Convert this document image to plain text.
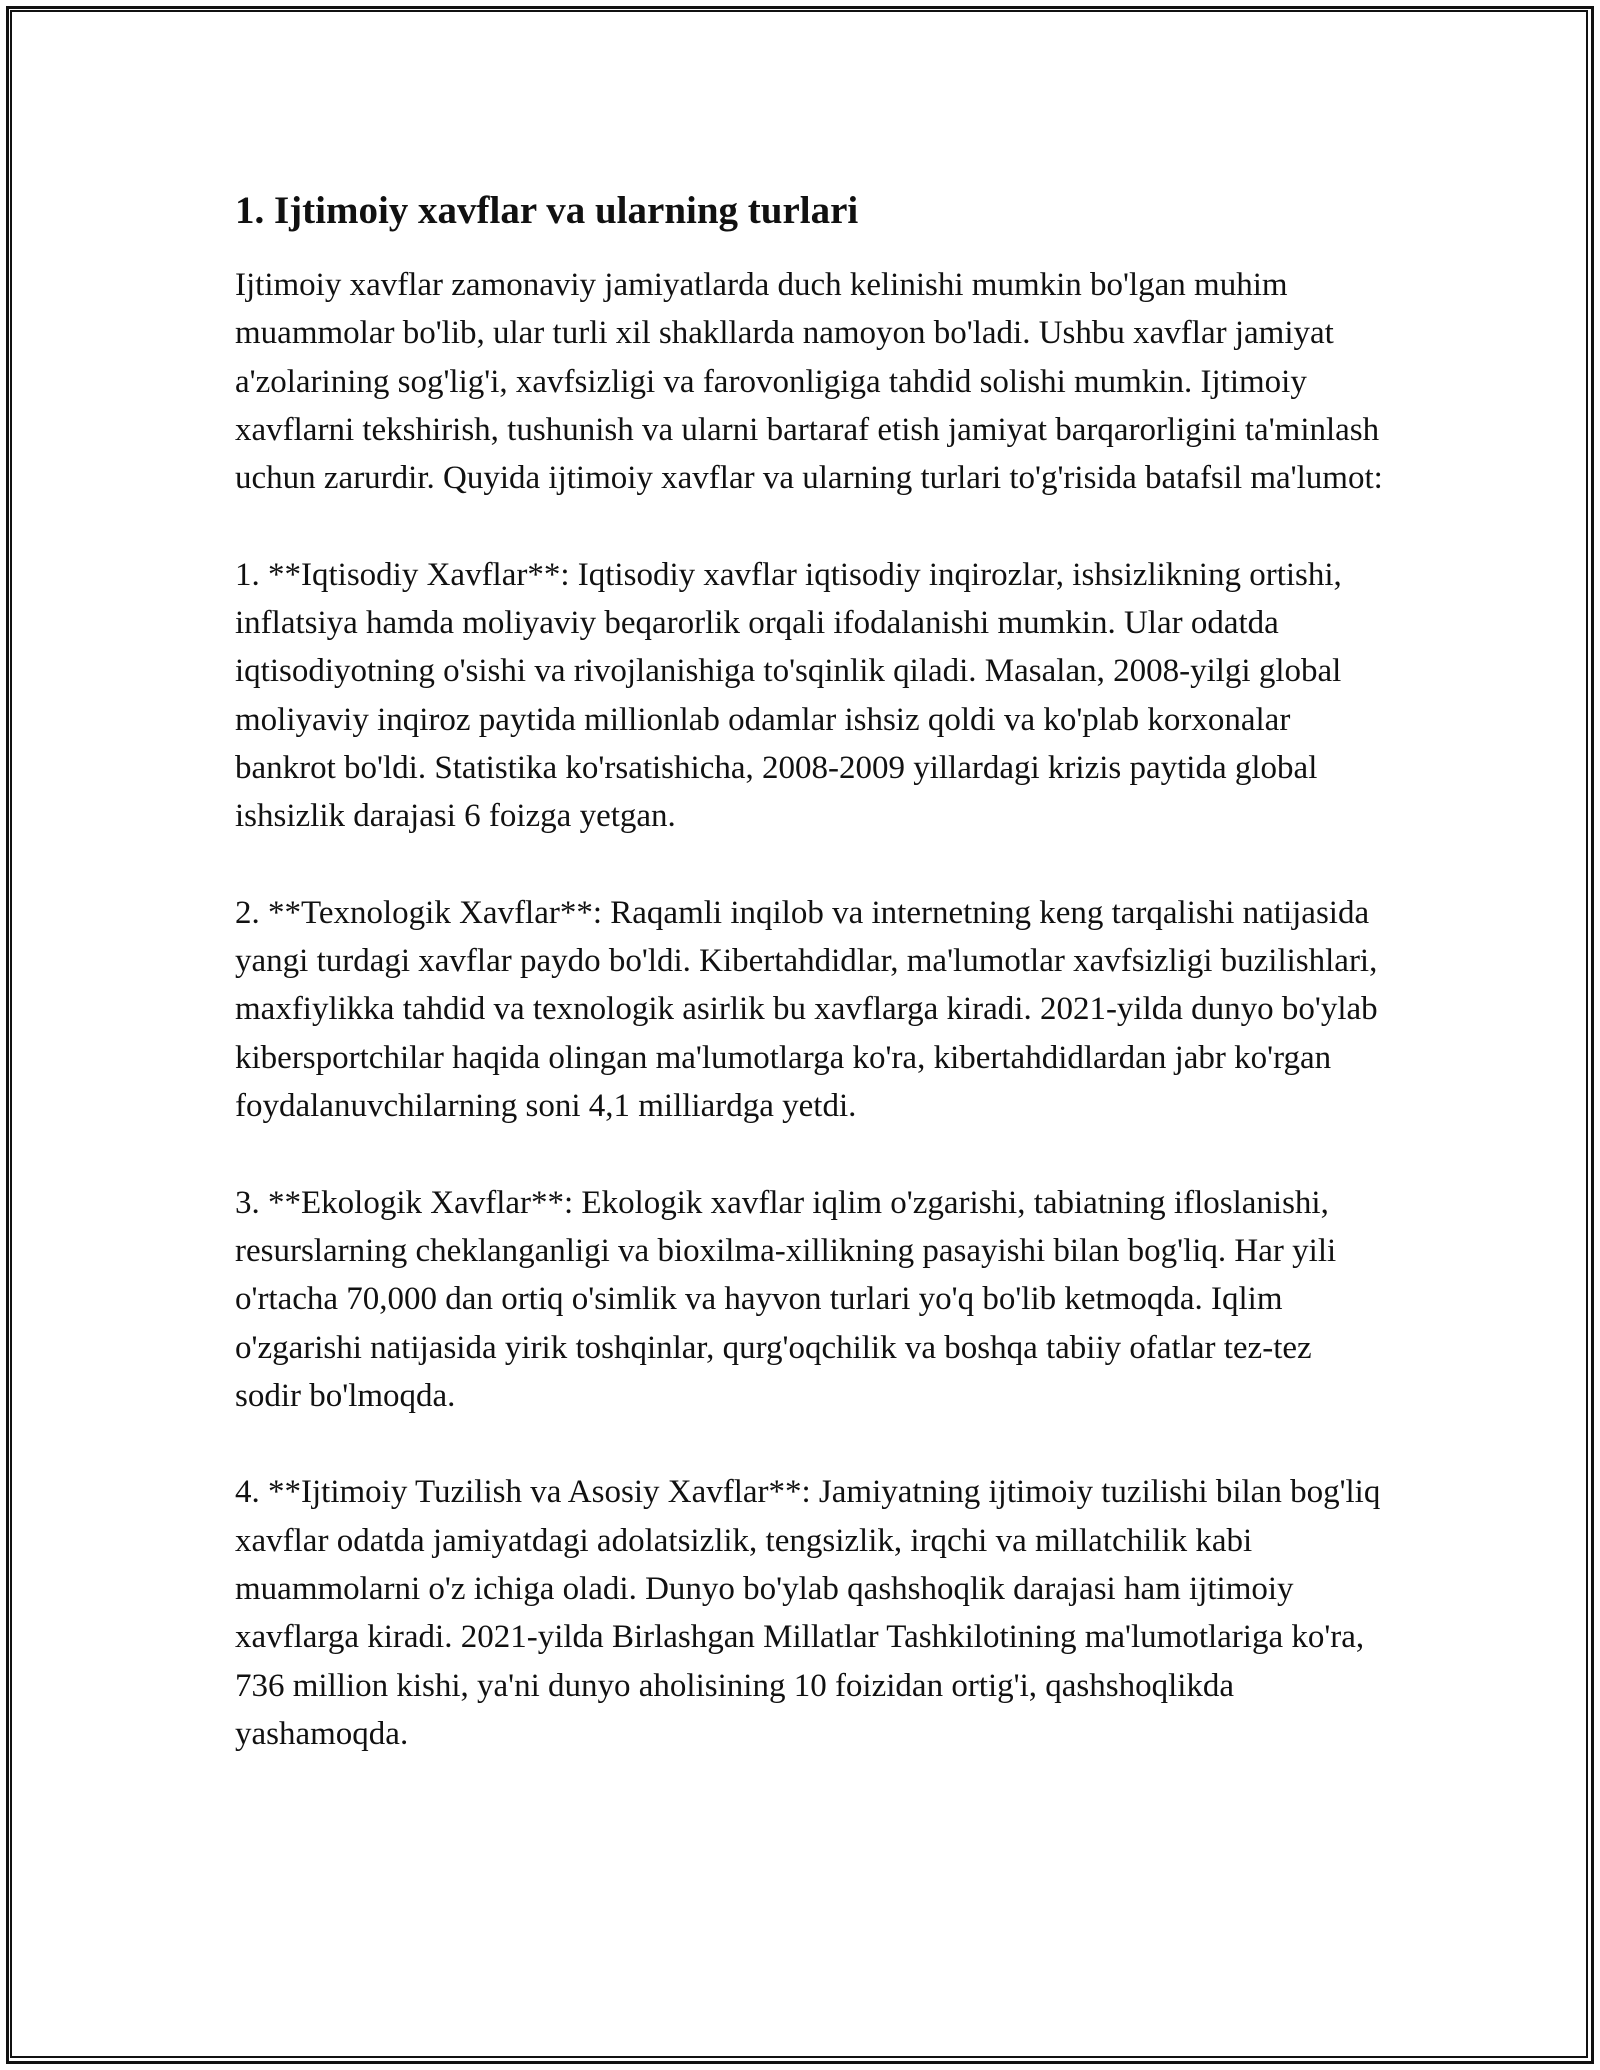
1. Ijtimoiy xavflar va ularning turlari

Ijtimoiy xavflar zamonaviy jamiyatlarda duch kelinishi mumkin bo'lgan muhim muammolar bo'lib, ular turli xil shakllarda namoyon bo'ladi. Ushbu xavflar jamiyat a'zolarining sog'lig'i, xavfsizligi va farovonligiga tahdid solishi mumkin. Ijtimoiy xavflarni tekshirish, tushunish va ularni bartaraf etish jamiyat barqarorligini ta'minlash uchun zarurdir. Quyida ijtimoiy xavflar va ularning turlari to'g'risida batafsil ma'lumot:

1. **Iqtisodiy Xavflar**: Iqtisodiy xavflar iqtisodiy inqirozlar, ishsizlikning ortishi, inflatsiya hamda moliyaviy beqarorlik orqali ifodalanishi mumkin. Ular odatda iqtisodiyotning o'sishi va rivojlanishiga to'sqinlik qiladi. Masalan, 2008-yilgi global moliyaviy inqiroz paytida millionlab odamlar ishsiz qoldi va ko'plab korxonalar bankrot bo'ldi. Statistika ko'rsatishicha, 2008-2009 yillardagi krizis paytida global ishsizlik darajasi 6 foizga yetgan.

2. **Texnologik Xavflar**: Raqamli inqilob va internetning keng tarqalishi natijasida yangi turdagi xavflar paydo bo'ldi. Kibertahdidlar, ma'lumotlar xavfsizligi buzilishlari, maxfiylikka tahdid va texnologik asirlik bu xavflarga kiradi. 2021-yilda dunyo bo'ylab kibersportchilar haqida olingan ma'lumotlarga ko'ra, kibertahdidlardan jabr ko'rgan foydalanuvchilarning soni 4,1 milliardga yetdi.

3. **Ekologik Xavflar**: Ekologik xavflar iqlim o'zgarishi, tabiatning ifloslanishi, resurslarning cheklanganligi va bioxilma-xillikning pasayishi bilan bog'liq. Har yili o'rtacha 70,000 dan ortiq o'simlik va hayvon turlari yo'q bo'lib ketmoqda. Iqlim o'zgarishi natijasida yirik toshqinlar, qurg'oqchilik va boshqa tabiiy ofatlar tez-tez sodir bo'lmoqda.

4. **Ijtimoiy Tuzilish va Asosiy Xavflar**: Jamiyatning ijtimoiy tuzilishi bilan bog'liq xavflar odatda jamiyatdagi adolatsizlik, tengsizlik, irqchi va millatchilik kabi muammolarni o'z ichiga oladi. Dunyo bo'ylab qashshoqlik darajasi ham ijtimoiy xavflarga kiradi. 2021-yilda Birlashgan Millatlar Tashkilotining ma'lumotlariga ko'ra, 736 million kishi, ya'ni dunyo aholisining 10 foizidan ortig'i, qashshoqlikda yashamoqda.
